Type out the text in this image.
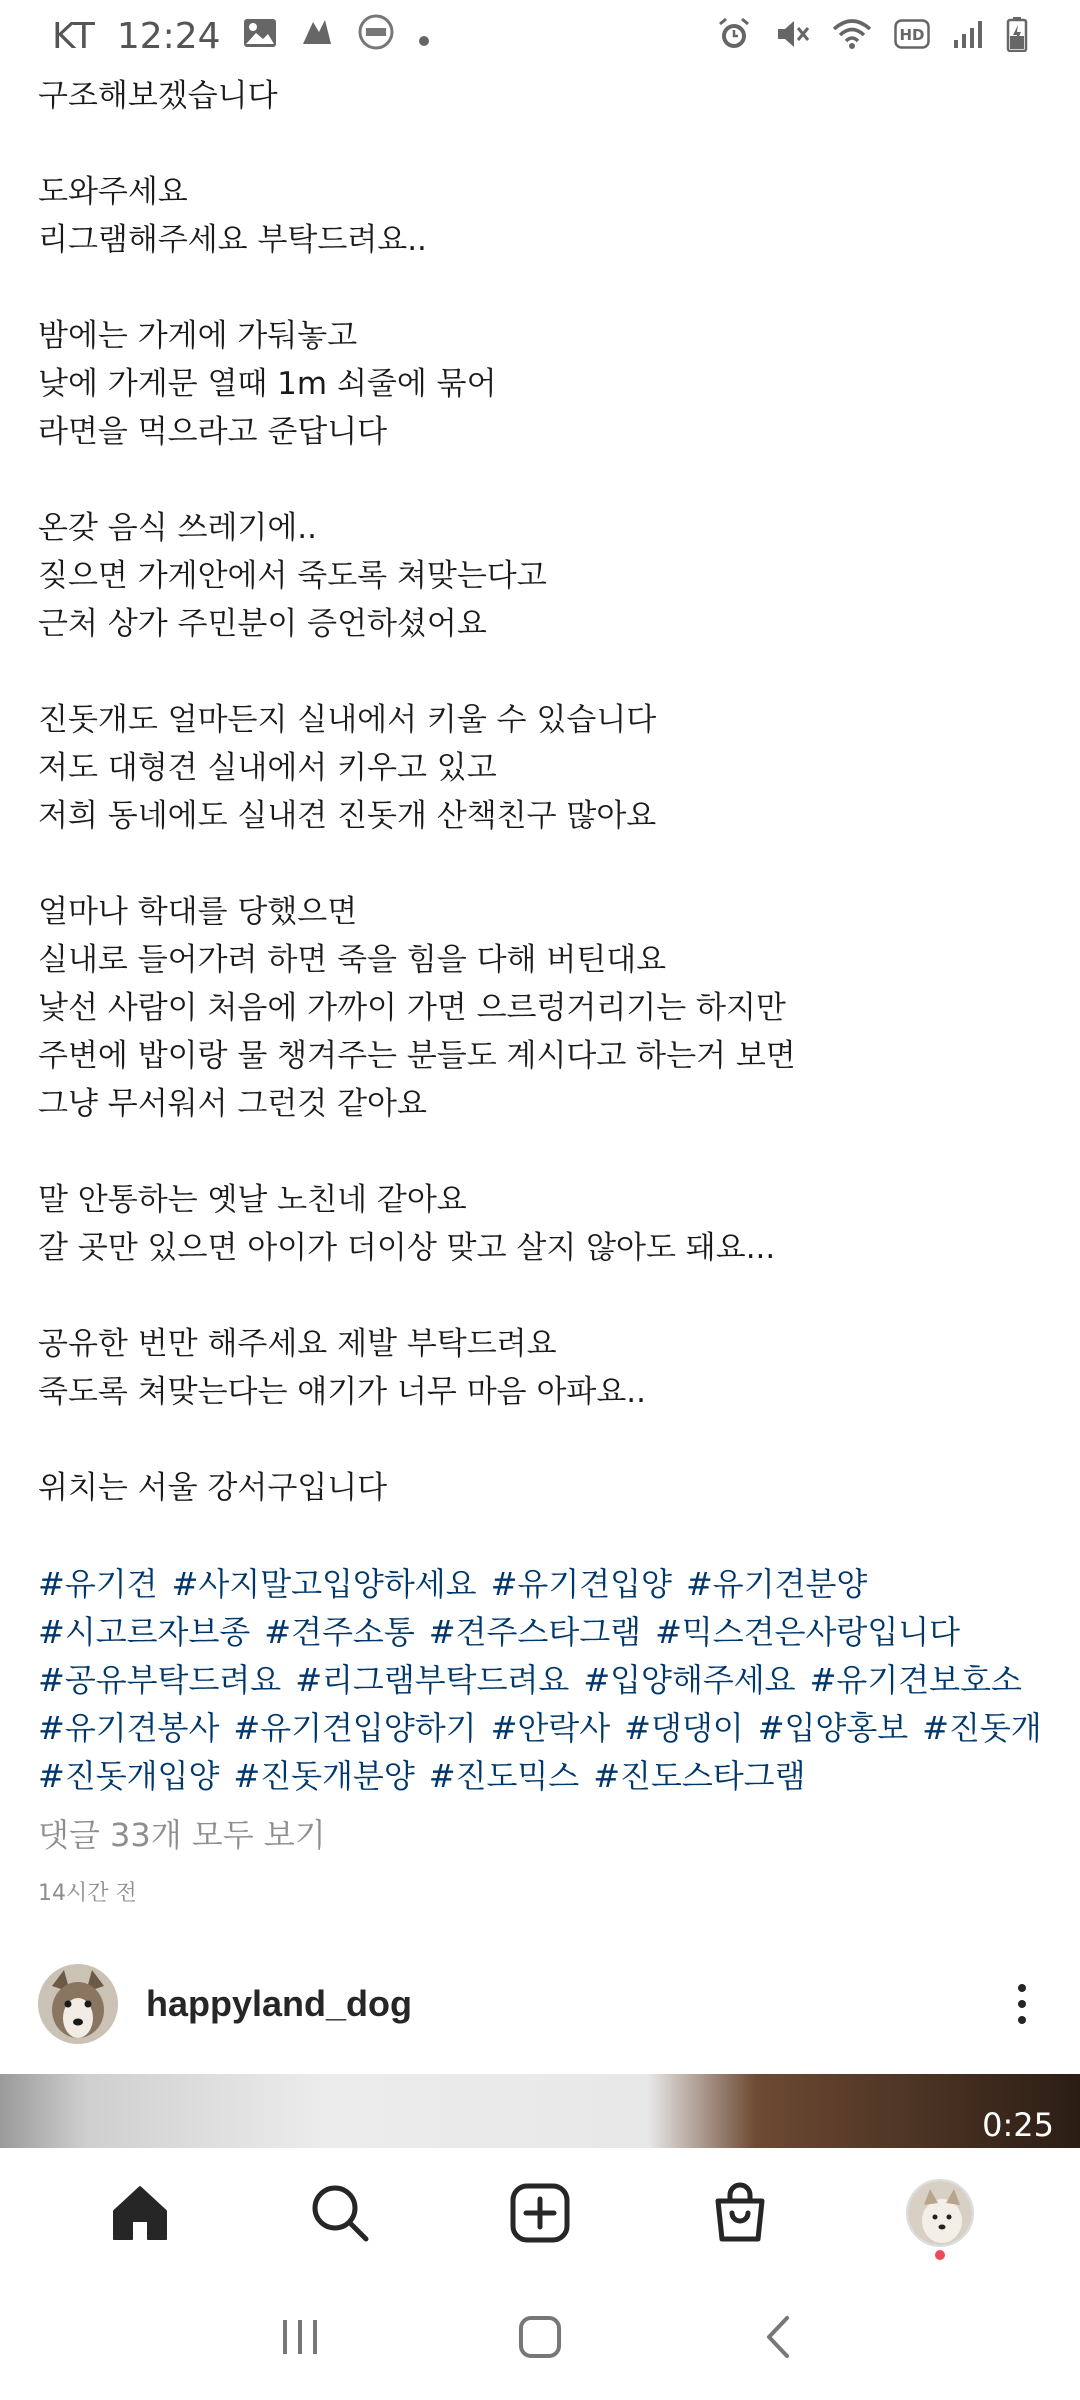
KT 12:24	HD
구조해보겠습니다
도와주세요
리그램해주세요 부탁드려요..
밤에는 가게에 가둬놓고
낮에 가게문 열때 1m 쇠줄에 묶어
라면을 먹으라고 준답니다
온갖 음식 쓰레기에..
짖으면 가게안에서 죽도록 쳐맞는다고
근처 상가 주민분이 증언하셨어요
진돗개도 얼마든지 실내에서 키울 수 있습니다
저도 대형견 실내에서 키우고 있고
저희 동네에도 실내견 진돗개 산책친구 많아요
얼마나 학대를 당했으면
실내로 들어가려 하면 죽을 힘을 다해 버틴대요
낯선 사람이 처음에 가까이 가면 으르렁거리기는 하지만
주변에 밥이랑 물 챙겨주는 분들도 계시다고 하는거 보면
그냥 무서워서 그런것 같아요
말 안통하는 옛날 노친네 같아요
갈 곳만 있으면 아이가 더이상 맞고 살지 않아도 돼요...
공유한 번만 해주세요 제발 부탁드려요
죽도록 쳐맞는다는 얘기가 너무 마음 아파요..
위치는 서울 강서구입니다
#유기견 #사지말고입양하세요 #유기견입양 #유기견분양#시고르자브종 #견주소통 #견주스타그램 #믹스견은사랑입니다#공유부탁드려요 #리그램부탁드려요 #입양해주세요 #유기견보호소#유기견봉사 #유기견입양하기 #안락사 #댕댕이 #입양홍보 #진돗개#진돗개입양 #진돗개분양 #진도믹스 #진도스타그램
댓글 33개 모두 보기
14시간 전
happyland_dog
0:25
